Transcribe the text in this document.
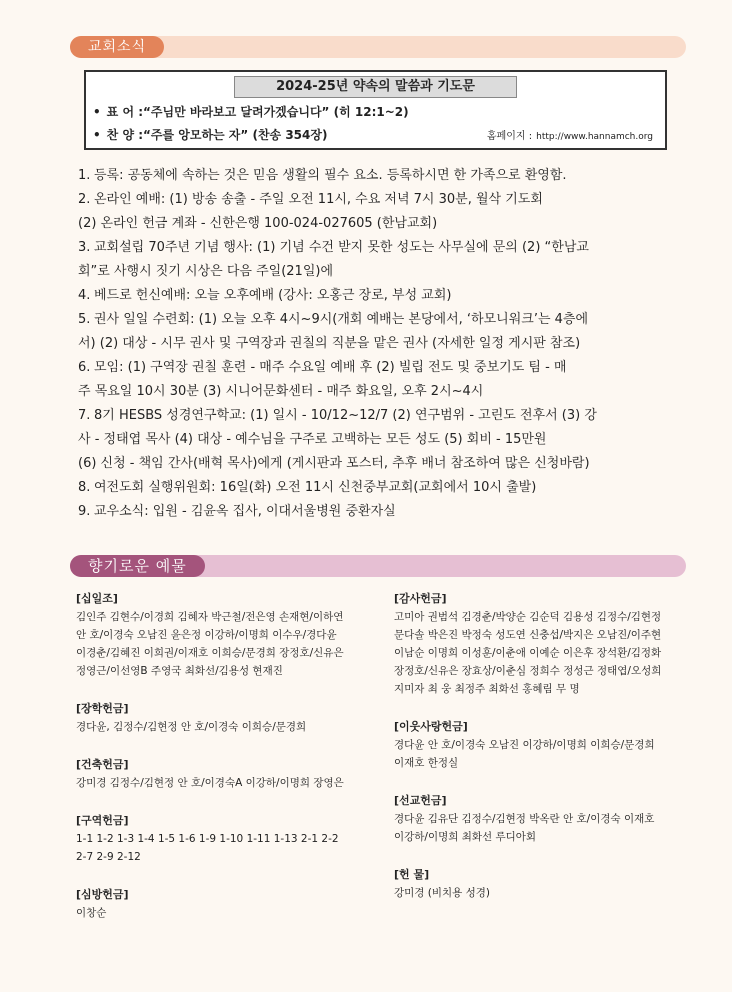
교회소식
2024-25년 약속의 말씀과 기도문
• 표 어 :“주님만 바라보고 달려가겠습니다” (히 12:1~2)
• 찬 양 :“주를 앙모하는 자” (찬송 354장)	홈페이지 : http://www.hannamch.org
1. 등록: 공동체에 속하는 것은 믿음 생활의 필수 요소. 등록하시면 한 가족으로 환영함.
2. 온라인 예배: (1) 방송 송출 - 주일 오전 11시, 수요 저녁 7시 30분, 월삭 기도회
(2) 온라인 헌금 계좌 - 신한은행 100-024-027605 (한남교회)
3. 교회설립 70주년 기념 행사: (1) 기념 수건 받지 못한 성도는 사무실에 문의 (2) “한남교
회”로 사행시 짓기 시상은 다음 주일(21일)에
4. 베드로 헌신예배: 오늘 오후예배 (강사: 오홍근 장로, 부성 교회)
5. 권사 일일 수련회: (1) 오늘 오후 4시~9시(개회 예배는 본당에서, ‘하모니워크’는 4층에
서) (2) 대상 - 시무 권사 및 구역장과 권칠의 직분을 맡은 권사 (자세한 일정 게시판 참조)
6. 모임: (1) 구역장 권칠 훈련 - 매주 수요일 예배 후 (2) 빌립 전도 및 중보기도 팀 - 매
주 목요일 10시 30분 (3) 시니어문화센터 - 매주 화요일, 오후 2시~4시
7. 8기 HESBS 성경연구학교: (1) 일시 - 10/12~12/7 (2) 연구범위 - 고린도 전후서 (3) 강
사 - 정태엽 목사 (4) 대상 - 예수님을 구주로 고백하는 모든 성도 (5) 회비 - 15만원
(6) 신청 - 책임 간사(배혁 목사)에게 (게시판과 포스터, 추후 배너 참조하여 많은 신청바람)
8. 여전도회 실행위원회: 16일(화) 오전 11시 신천중부교회(교회에서 10시 출발)
9. 교우소식: 입원 - 김윤옥 집사, 이대서울병원 중환자실
향기로운 예물
[십일조]
김인주 김현수/이경희 김혜자 박근철/전은영 손재현/이하연
안 호/이경숙 오남진 윤은정 이강하/이명희 이수우/경다윤
이경춘/김혜진 이희권/이재호 이희승/문경희 장정호/신유은
정영근/이선영B 주영국 최화선/김용성 현재진
[장학헌금]
경다윤, 김정수/김현정 안 호/이경숙 이희승/문경희
[건축헌금]
강미경 김정수/김현정 안 호/이경숙A 이강하/이명희 장영은
[구역헌금]
1-1 1-2 1-3 1-4 1-5 1-6 1-9 1-10 1-11 1-13 2-1 2-2
2-7 2-9 2-12
[심방헌금]
이창순
[감사헌금]
고미아 권범석 김경춘/박양순 김순덕 김용성 김정수/김현정
문다솔 박은진 박정숙 성도연 신충섭/박지은 오남진/이주현
이남순 이명희 이성훈/이춘애 이예순 이은후 장석환/김정화
장정호/신유은 장효상/이춘심 정희수 정성근 정태엽/오성희
지미자 최 웅 최정주 최화선 홍혜림 무 명
[이웃사랑헌금]
경다윤 안 호/이경숙 오남진 이강하/이명희 이희승/문경희
이재호 한정실
[선교헌금]
경다윤 김유단 김정수/김현정 박옥란 안 호/이경숙 이재호
이강하/이명희 최화선 루디아회
[헌 물]
강미경 (비치용 성경)
